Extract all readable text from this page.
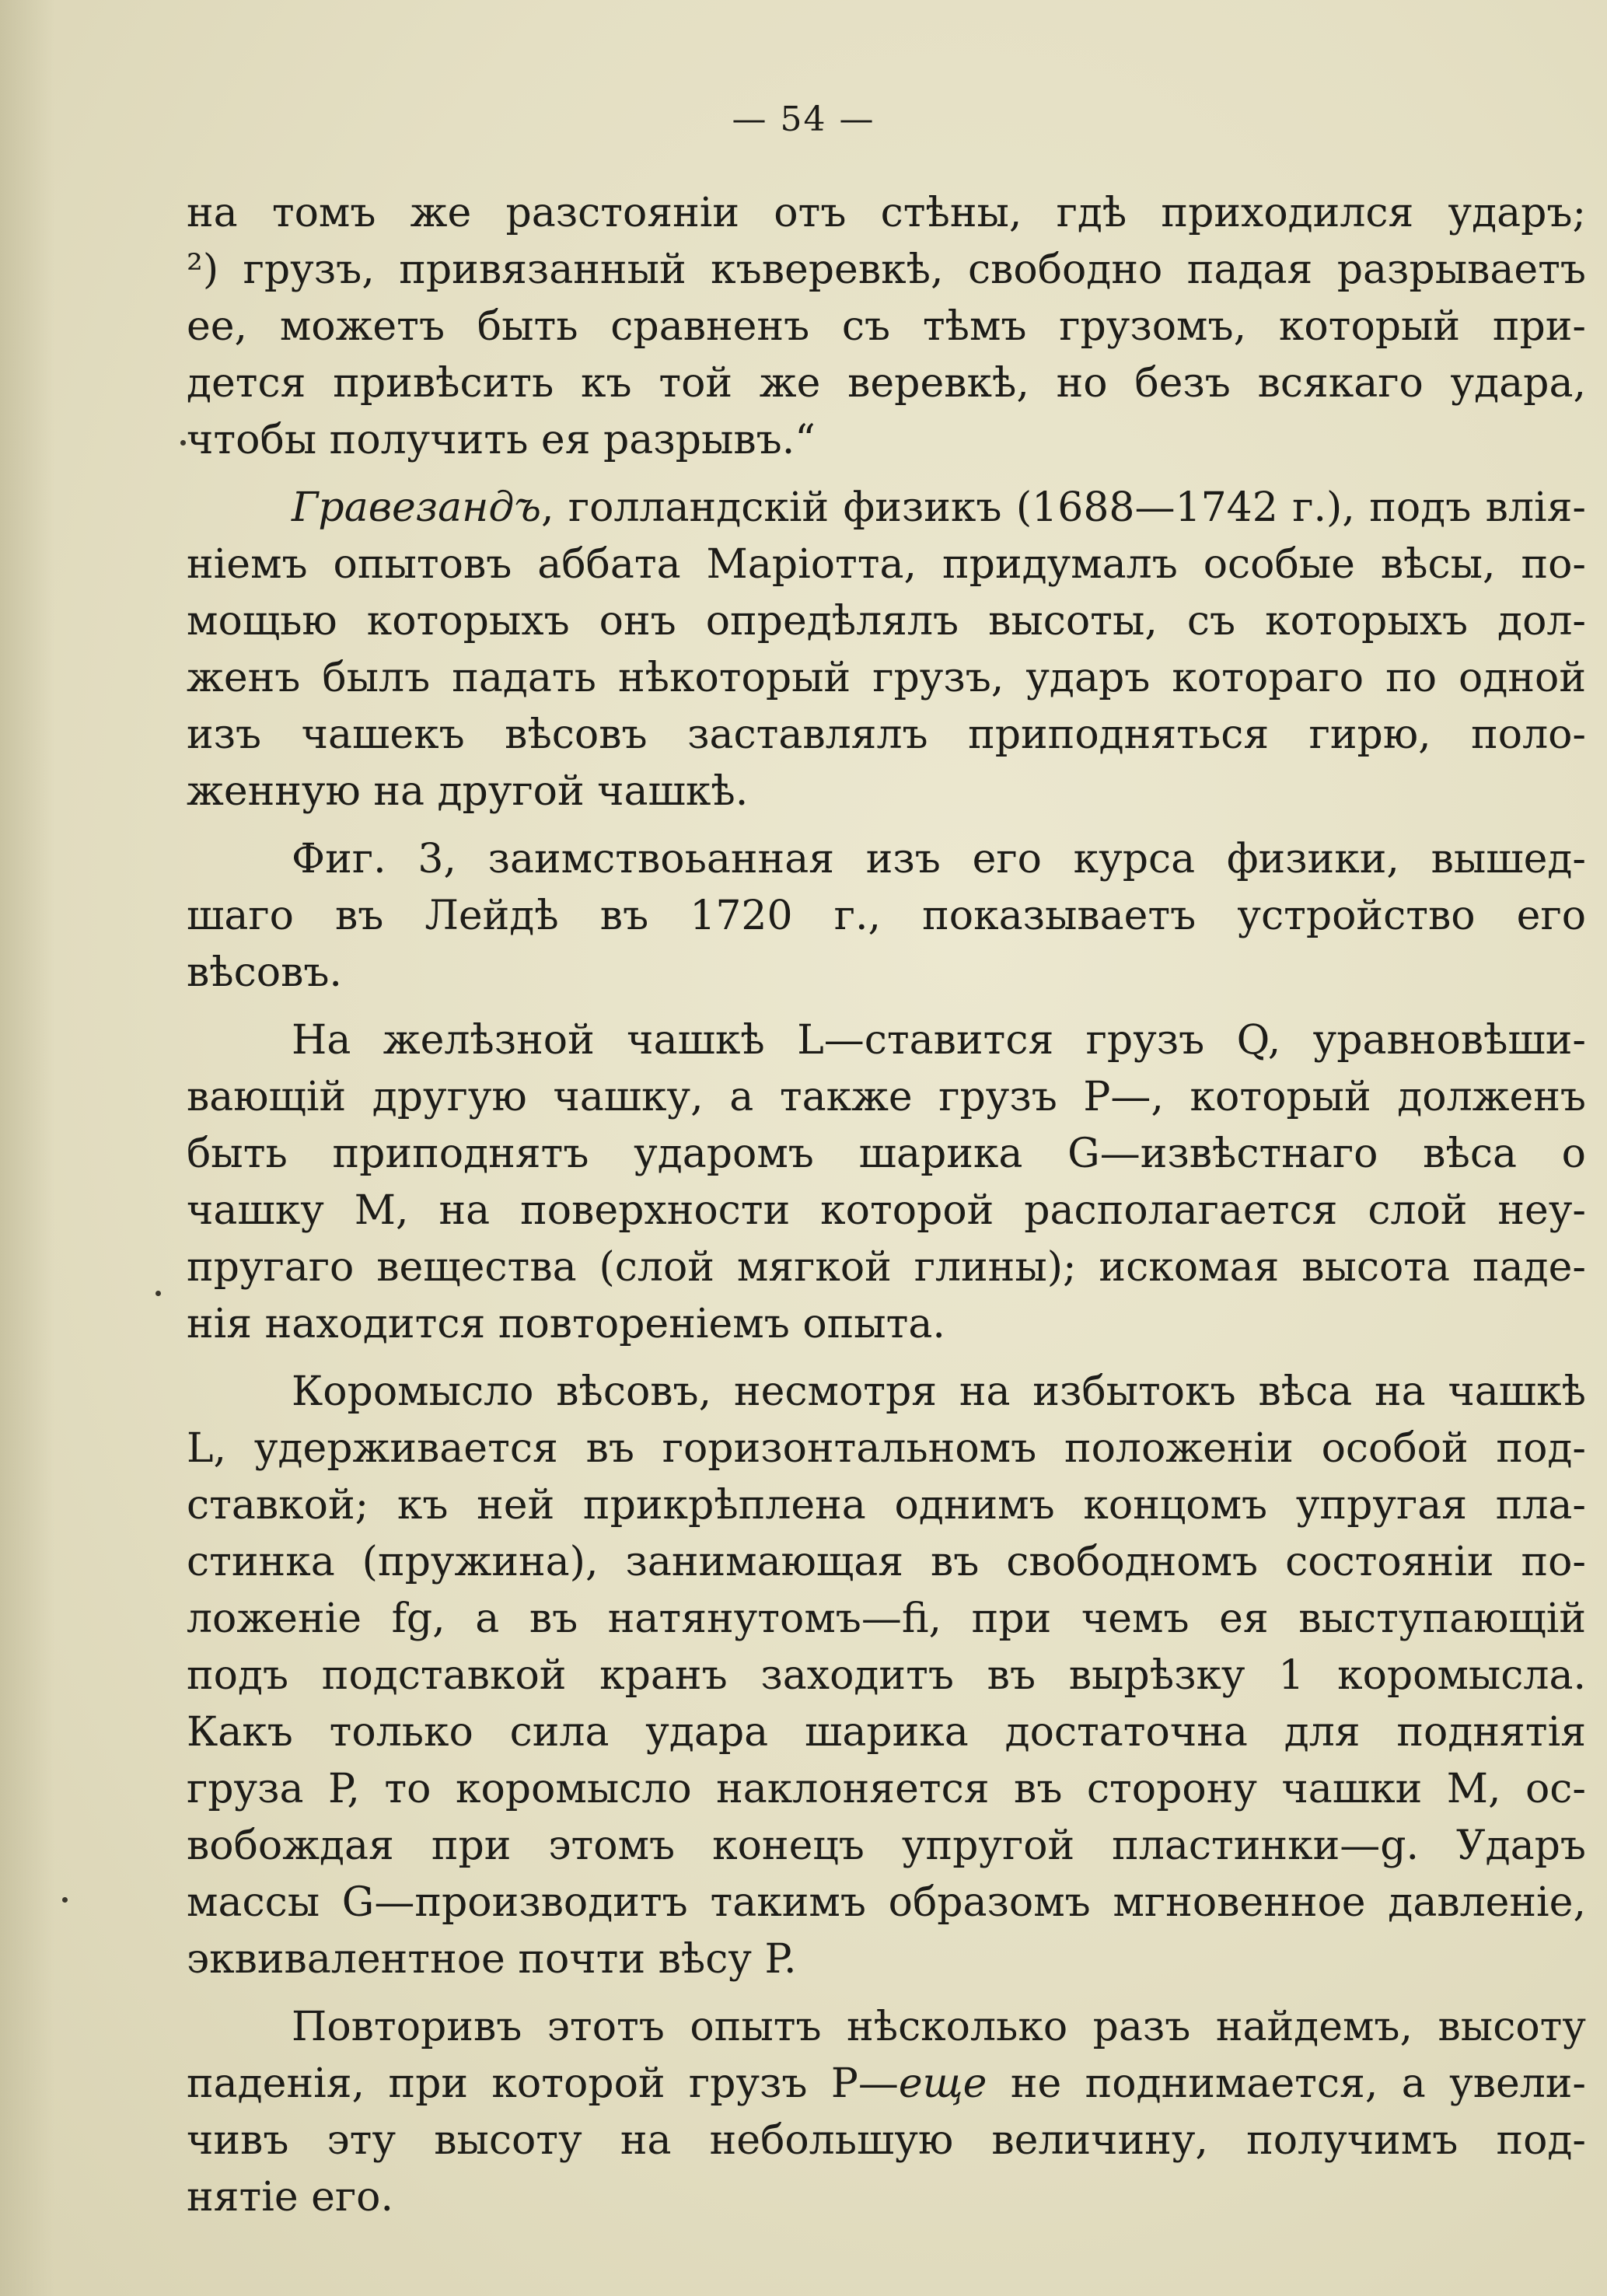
— 54 —
на томъ же разстояніи отъ стѣны, гдѣ приходился ударъ;
²) грузъ, привязанный къверевкѣ, свободно падая разрываетъ
ее, можетъ быть сравненъ съ тѣмъ грузомъ, который при-
дется привѣсить къ той же веревкѣ, но безъ всякаго удара,
чтобы получить ея разрывъ.“
Гравезандъ, голландскій физикъ (1688—1742 г.), подъ влія-
ніемъ опытовъ аббата Маріотта, придумалъ особые вѣсы, по-
мощью которыхъ онъ опредѣлялъ высоты, съ которыхъ дол-
женъ былъ падать нѣкоторый грузъ, ударъ котораго по одной
изъ чашекъ вѣсовъ заставлялъ приподняться гирю, поло-
женную на другой чашкѣ.
Фиг. 3, заимствоьанная изъ его курса физики, вышед-
шаго въ Лейдѣ въ 1720 г., показываетъ устройство его
вѣсовъ.
На желѣзной чашкѣ L—ставится грузъ Q, уравновѣши-
вающій другую чашку, а также грузъ P—, который долженъ
быть приподнятъ ударомъ шарика G—извѣстнаго вѣса о
чашку M, на поверхности которой располагается слой неу-
пругаго вещества (слой мягкой глины); искомая высота паде-
нія находится повтореніемъ опыта.
Коромысло вѣсовъ, несмотря на избытокъ вѣса на чашкѣ
L, удерживается въ горизонтальномъ положеніи особой под-
ставкой; къ ней прикрѣплена однимъ концомъ упругая пла-
стинка (пружина), занимающая въ свободномъ состояніи по-
ложеніе fg, а въ натянутомъ—fi, при чемъ ея выступающій
подъ подставкой кранъ заходитъ въ вырѣзку 1 коромысла.
Какъ только сила удара шарика достаточна для поднятія
груза P, то коромысло наклоняется въ сторону чашки M, ос-
вобождая при этомъ конецъ упругой пластинки—g. Ударъ
массы G—производитъ такимъ образомъ мгновенное давленіе,
эквивалентное почти вѣсу P.
Повторивъ этотъ опытъ нѣсколько разъ найдемъ, высоту
паденія, при которой грузъ P—еще не поднимается, а увели-
чивъ эту высоту на небольшую величину, получимъ под-
нятіе его.
